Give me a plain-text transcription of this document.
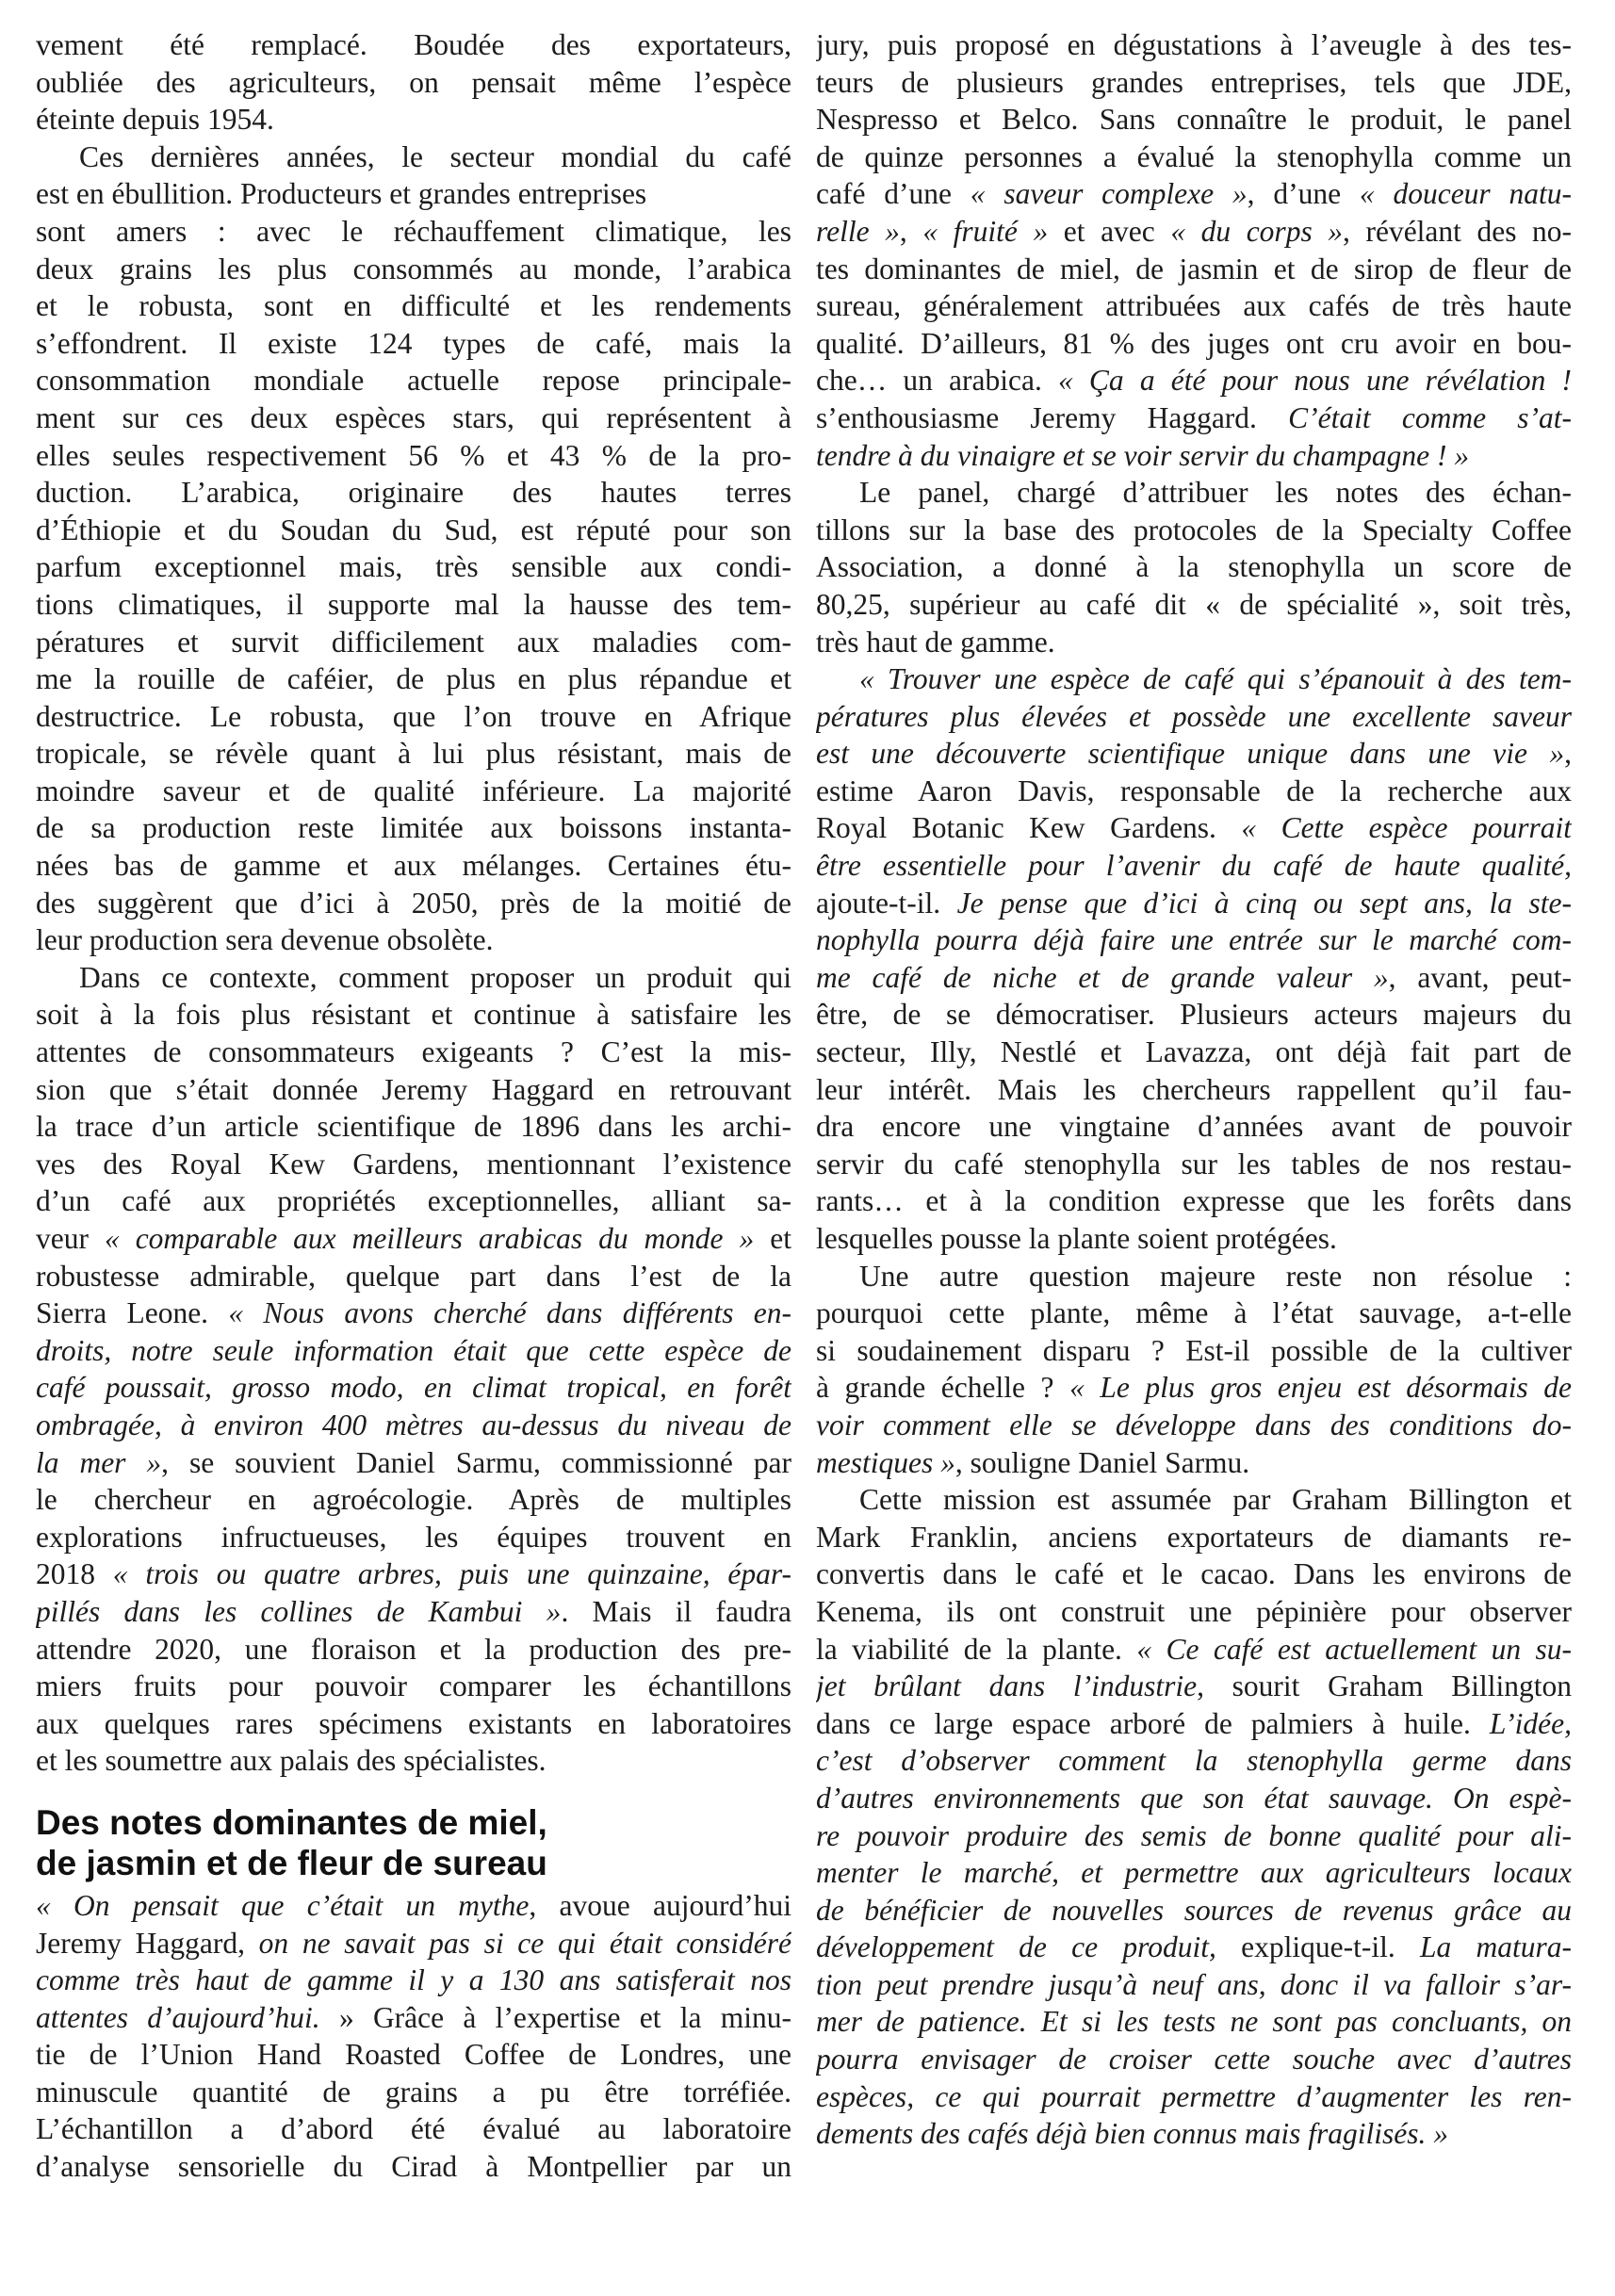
vement été remplacé. Boudée des exportateurs,
oubliée des agriculteurs, on pensait même l’espèce
éteinte depuis 1954.
Ces dernières années, le secteur mondial du café
est en ébullition. Producteurs et grandes entreprises
sont amers : avec le réchauffement climatique, les
deux grains les plus consommés au monde, l’arabica
et le robusta, sont en difficulté et les rendements
s’effondrent. Il existe 124 types de café, mais la
consommation mondiale actuelle repose principale-
ment sur ces deux espèces stars, qui représentent à
elles seules respectivement 56 % et 43 % de la pro-
duction. L’arabica, originaire des hautes terres
d’Éthiopie et du Soudan du Sud, est réputé pour son
parfum exceptionnel mais, très sensible aux condi-
tions climatiques, il supporte mal la hausse des tem-
pératures et survit difficilement aux maladies com-
me la rouille de caféier, de plus en plus répandue et
destructrice. Le robusta, que l’on trouve en Afrique
tropicale, se révèle quant à lui plus résistant, mais de
moindre saveur et de qualité inférieure. La majorité
de sa production reste limitée aux boissons instanta-
nées bas de gamme et aux mélanges. Certaines étu-
des suggèrent que d’ici à 2050, près de la moitié de
leur production sera devenue obsolète.
Dans ce contexte, comment proposer un produit qui
soit à la fois plus résistant et continue à satisfaire les
attentes de consommateurs exigeants ? C’est la mis-
sion que s’était donnée Jeremy Haggard en retrouvant
la trace d’un article scientifique de 1896 dans les archi-
ves des Royal Kew Gardens, mentionnant l’existence
d’un café aux propriétés exceptionnelles, alliant sa-
veur « comparable aux meilleurs arabicas du monde » et
robustesse admirable, quelque part dans l’est de la
Sierra Leone. « Nous avons cherché dans différents en-
droits, notre seule information était que cette espèce de
café poussait, grosso modo, en climat tropical, en forêt
ombragée, à environ 400 mètres au-dessus du niveau de
la mer », se souvient Daniel Sarmu, commissionné par
le chercheur en agroécologie. Après de multiples
explorations infructueuses, les équipes trouvent en
2018 « trois ou quatre arbres, puis une quinzaine, épar-
pillés dans les collines de Kambui ». Mais il faudra
attendre 2020, une floraison et la production des pre-
miers fruits pour pouvoir comparer les échantillons
aux quelques rares spécimens existants en laboratoires
et les soumettre aux palais des spécialistes.
Des notes dominantes de miel,
de jasmin et de fleur de sureau
« On pensait que c’était un mythe, avoue aujourd’hui
Jeremy Haggard, on ne savait pas si ce qui était considéré
comme très haut de gamme il y a 130 ans satisferait nos
attentes d’aujourd’hui. » Grâce à l’expertise et la minu-
tie de l’Union Hand Roasted Coffee de Londres, une
minuscule quantité de grains a pu être torréfiée.
L’échantillon a d’abord été évalué au laboratoire
d’analyse sensorielle du Cirad à Montpellier par un
jury, puis proposé en dégustations à l’aveugle à des tes-
teurs de plusieurs grandes entreprises, tels que JDE,
Nespresso et Belco. Sans connaître le produit, le panel
de quinze personnes a évalué la stenophylla comme un
café d’une « saveur complexe », d’une « douceur natu-
relle », « fruité » et avec « du corps », révélant des no-
tes dominantes de miel, de jasmin et de sirop de fleur de
sureau, généralement attribuées aux cafés de très haute
qualité. D’ailleurs, 81 % des juges ont cru avoir en bou-
che… un arabica. « Ça a été pour nous une révélation !
s’enthousiasme Jeremy Haggard. C’était comme s’at-
tendre à du vinaigre et se voir servir du champagne ! »
Le panel, chargé d’attribuer les notes des échan-
tillons sur la base des protocoles de la Specialty Coffee
Association, a donné à la stenophylla un score de
80,25, supérieur au café dit « de spécialité », soit très,
très haut de gamme.
« Trouver une espèce de café qui s’épanouit à des tem-
pératures plus élevées et possède une excellente saveur
est une découverte scientifique unique dans une vie »,
estime Aaron Davis, responsable de la recherche aux
Royal Botanic Kew Gardens. « Cette espèce pourrait
être essentielle pour l’avenir du café de haute qualité,
ajoute-t-il. Je pense que d’ici à cinq ou sept ans, la ste-
nophylla pourra déjà faire une entrée sur le marché com-
me café de niche et de grande valeur », avant, peut-
être, de se démocratiser. Plusieurs acteurs majeurs du
secteur, Illy, Nestlé et Lavazza, ont déjà fait part de
leur intérêt. Mais les chercheurs rappellent qu’il fau-
dra encore une vingtaine d’années avant de pouvoir
servir du café stenophylla sur les tables de nos restau-
rants… et à la condition expresse que les forêts dans
lesquelles pousse la plante soient protégées.
Une autre question majeure reste non résolue :
pourquoi cette plante, même à l’état sauvage, a-t-elle
si soudainement disparu ? Est-il possible de la cultiver
à grande échelle ? « Le plus gros enjeu est désormais de
voir comment elle se développe dans des conditions do-
mestiques », souligne Daniel Sarmu.
Cette mission est assumée par Graham Billington et
Mark Franklin, anciens exportateurs de diamants re-
convertis dans le café et le cacao. Dans les environs de
Kenema, ils ont construit une pépinière pour observer
la viabilité de la plante. « Ce café est actuellement un su-
jet brûlant dans l’industrie, sourit Graham Billington
dans ce large espace arboré de palmiers à huile. L’idée,
c’est d’observer comment la stenophylla germe dans
d’autres environnements que son état sauvage. On espè-
re pouvoir produire des semis de bonne qualité pour ali-
menter le marché, et permettre aux agriculteurs locaux
de bénéficier de nouvelles sources de revenus grâce au
développement de ce produit, explique-t-il. La matura-
tion peut prendre jusqu’à neuf ans, donc il va falloir s’ar-
mer de patience. Et si les tests ne sont pas concluants, on
pourra envisager de croiser cette souche avec d’autres
espèces, ce qui pourrait permettre d’augmenter les ren-
dements des cafés déjà bien connus mais fragilisés. »
